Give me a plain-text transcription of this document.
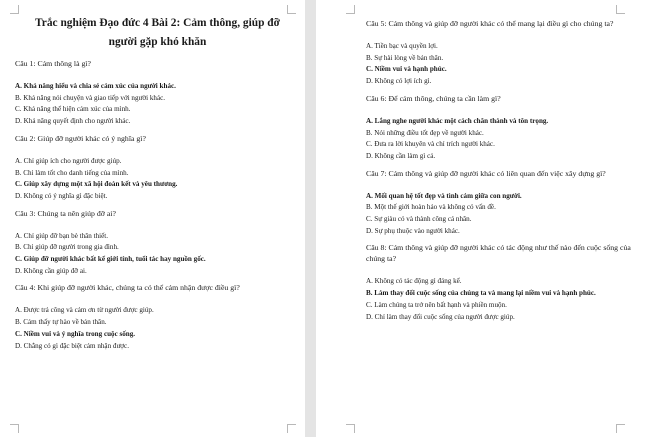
Trắc nghiệm Đạo đức 4 Bài 2: Cảm thông, giúp đỡ
người gặp khó khăn
Câu 1: Cảm thông là gì?
A. Khả năng hiểu và chia sẻ cảm xúc của người khác.
B. Khả năng nói chuyện và giao tiếp với người khác.
C. Khả năng thể hiện cảm xúc của mình.
D. Khả năng quyết định cho người khác.
Câu 2: Giúp đỡ người khác có ý nghĩa gì?
A. Chỉ giúp ích cho người được giúp.
B. Chỉ làm tốt cho danh tiếng của mình.
C. Giúp xây dựng một xã hội đoàn kết và yêu thương.
D. Không có ý nghĩa gì đặc biệt.
Câu 3: Chúng ta nên giúp đỡ ai?
A. Chỉ giúp đỡ bạn bè thân thiết.
B. Chỉ giúp đỡ người trong gia đình.
C. Giúp đỡ người khác bất kể giới tính, tuổi tác hay nguồn gốc.
D. Không cần giúp đỡ ai.
Câu 4: Khi giúp đỡ người khác, chúng ta có thể cảm nhận được điều gì?
A. Được trả công và cảm ơn từ người được giúp.
B. Cảm thấy tự hào về bản thân.
C. Niềm vui và ý nghĩa trong cuộc sống.
D. Chẳng có gì đặc biệt cảm nhận được.
Câu 5: Cảm thông và giúp đỡ người khác có thể mang lại điều gì cho chúng ta?
A. Tiền bạc và quyền lợi.
B. Sự hài lòng về bản thân.
C. Niềm vui và hạnh phúc.
D. Không có lợi ích gì.
Câu 6: Để cảm thông, chúng ta cần làm gì?
A. Lắng nghe người khác một cách chân thành và tôn trọng.
B. Nói những điều tốt đẹp về người khác.
C. Đưa ra lời khuyên và chỉ trích người khác.
D. Không cần làm gì cả.
Câu 7: Cảm thông và giúp đỡ người khác có liên quan đến việc xây dựng gì?
A. Mối quan hệ tốt đẹp và tình cảm giữa con người.
B. Một thế giới hoàn hảo và không có vấn đề.
C. Sự giàu có và thành công cá nhân.
D. Sự phụ thuộc vào người khác.
Câu 8: Cảm thông và giúp đỡ người khác có tác động như thế nào đến cuộc sống của chúng ta?
A. Không có tác động gì đáng kể.
B. Làm thay đổi cuộc sống của chúng ta và mang lại niềm vui và hạnh phúc.
C. Làm chúng ta trở nên bất hạnh và phiền muộn.
D. Chỉ làm thay đổi cuộc sống của người được giúp.
